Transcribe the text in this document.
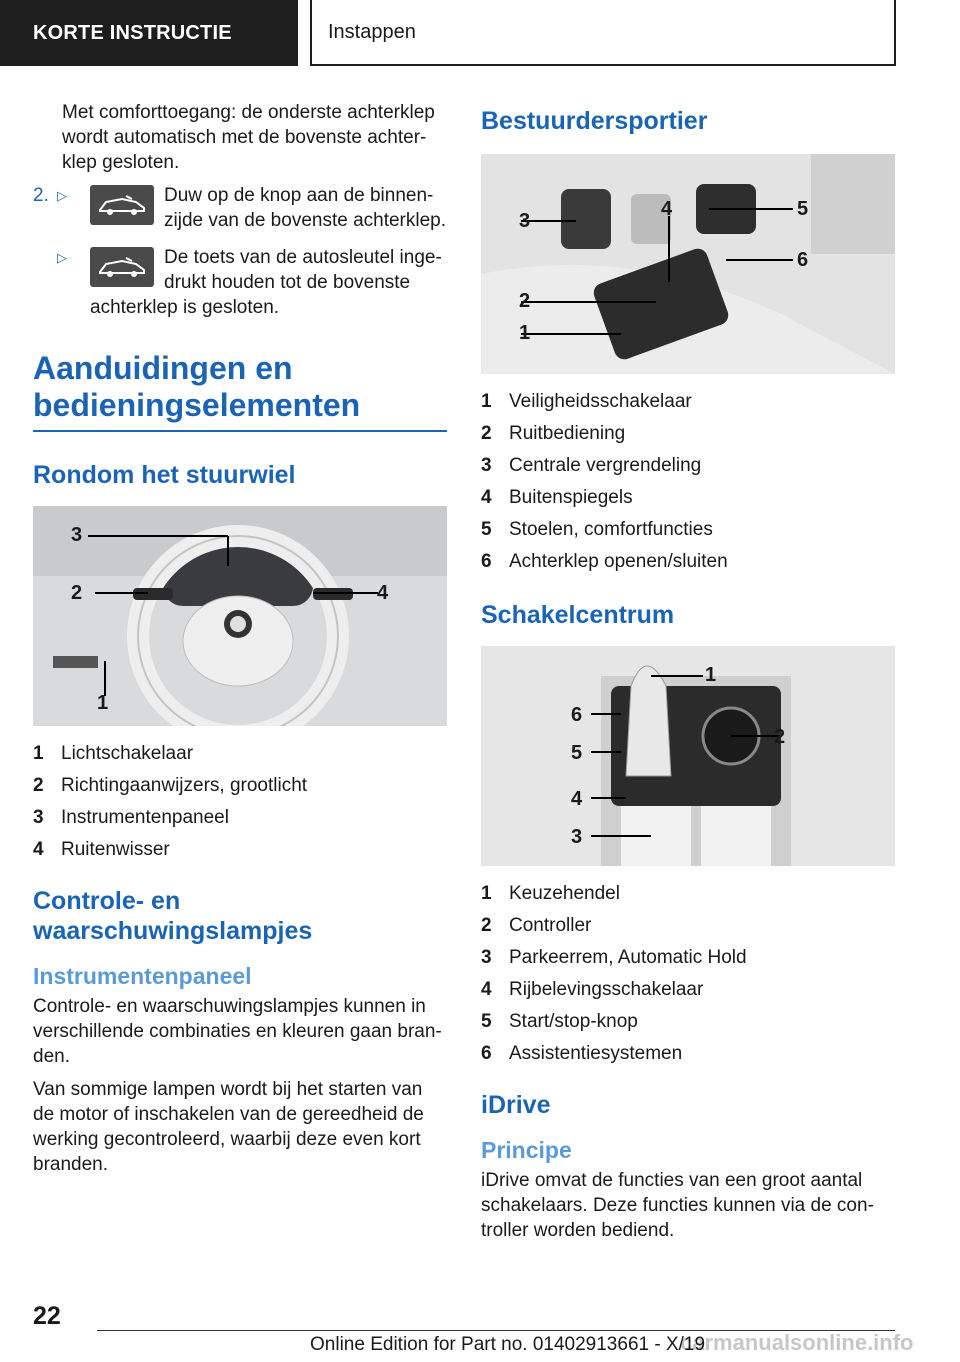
KORTE INSTRUCTIE	Instappen

Met comforttoegang: de onderste achterklep wordt automatisch met de bovenste achterklep gesloten.

2. ▷	Duw op de knop aan de binnenzijde van de bovenste achterklep.
▷	De toets van de autosleutel ingedrukt houden tot de bovenste achterklep is gesloten.
Aanduidingen en bedieningselementen
Rondom het stuurwiel
3
2	4
1
1 Lichtschakelaar
2 Richtingaanwijzers, grootlicht
3 Instrumentenpaneel
4 Ruitenwisser
Controle- en waarschuwingslampjes
Instrumentenpaneel

Controle- en waarschuwingslampjes kunnen in verschillende combinaties en kleuren gaan branden.

Van sommige lampen wordt bij het starten van de motor of inschakelen van de gereedheid de werking gecontroleerd, waarbij deze even kort branden.

Bestuurdersportier
3
4	5
6
2
1
1 Veiligheidsschakelaar
2 Ruitbediening
3 Centrale vergrendeling
4 Buitenspiegels
5 Stoelen, comfortfuncties
6 Achterklep openen/sluiten
Schakelcentrum
1
2
6
5
4
3
1 Keuzehendel
2 Controller
3 Parkeerrem, Automatic Hold
4 Rijbelevingsschakelaar
5 Start/stop-knop
6 Assistentiesystemen
iDrive
Principe

iDrive omvat de functies van een groot aantal schakelaars. Deze functies kunnen via de controller worden bediend.

22
carmanualsonline.info
Online Edition for Part no. 01402913661 - X/19
